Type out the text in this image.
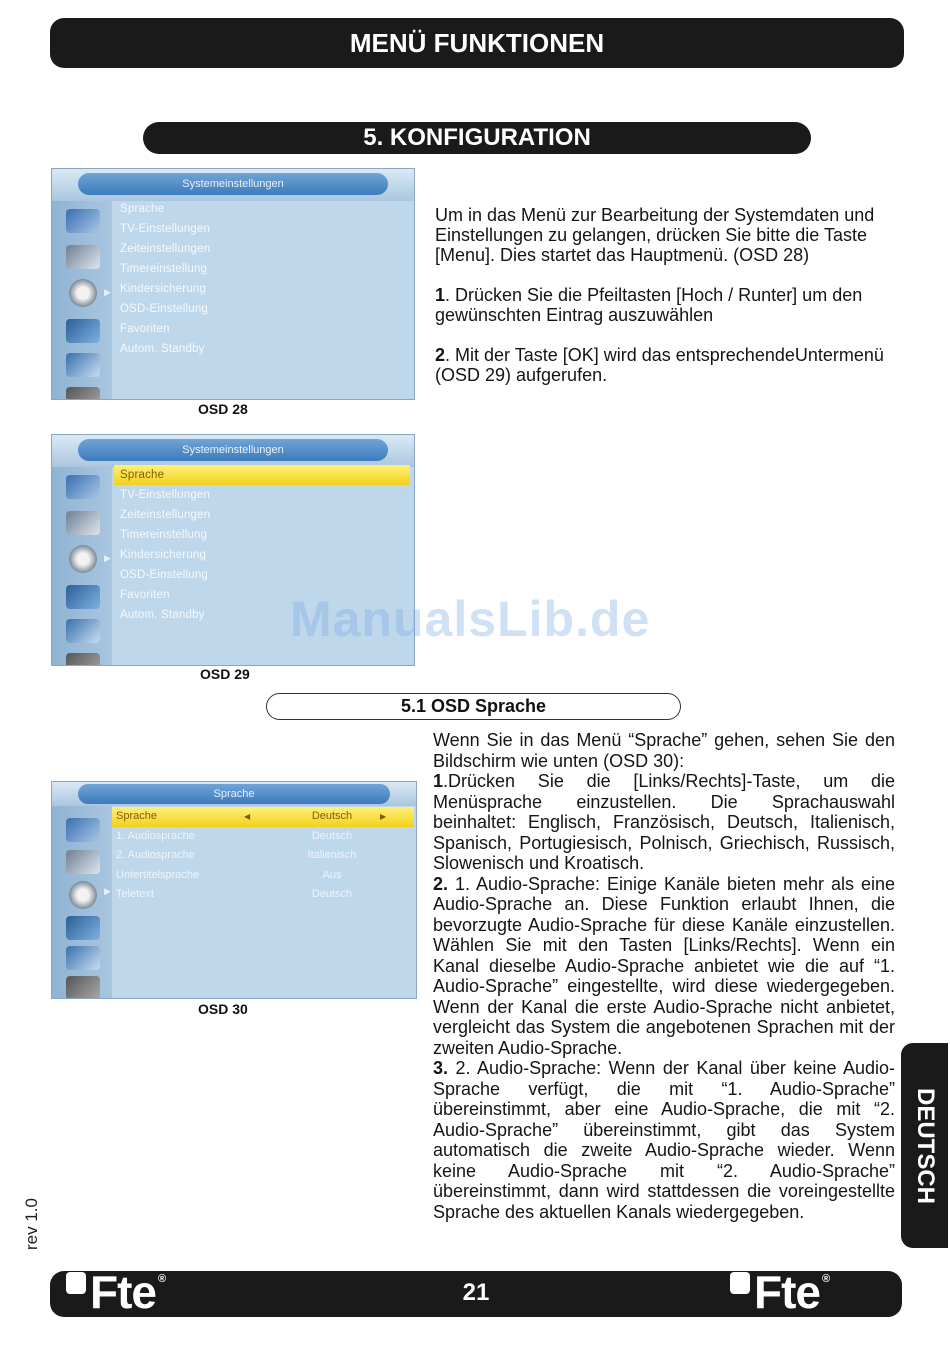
MENÜ FUNKTIONEN
5. KONFIGURATION
Systemeinstellungen
▶
Sprache
TV-Einstellungen
Zeiteinstellungen
Timereinstellung
Kindersicherung
OSD-Einstellung
Favoriten
Autom. Standby
OSD 28
Systemeinstellungen
▶
Sprache
TV-Einstellungen
Zeiteinstellungen
Timereinstellung
Kindersicherung
OSD-Einstellung
Favoriten
Autom. Standby
OSD 29

Um in das Menü zur Bearbeitung der Systemdaten und Einstellungen zu gelangen, drücken Sie bitte die Taste [Menu]. Dies startet das Hauptmenü. (OSD 28)

1. Drücken Sie die Pfeiltasten [Hoch / Runter] um den gewünschten Eintrag auszuwählen

2. Mit der Taste [OK] wird das entsprechendeUntermenü (OSD 29) aufgerufen.

ManualsLib.de
5.1 OSD Sprache
Sprache
▶
Sprache	◀	Deutsch	▶
1. Audiosprache	Deutsch
2. Audiosprache	Italienisch
Untertitelsprache	Aus
Teletext	Deutsch
OSD 30
Wenn Sie in das Menü “Sprache” gehen, sehen Sie den Bildschirm wie unten (OSD 30):
1.Drücken Sie die [Links/Rechts]-Taste, um die Menüsprache einzustellen. Die Sprachauswahl beinhaltet: Englisch, Französisch, Deutsch, Italienisch, Spanisch, Portugiesisch, Polnisch, Griechisch, Russisch, Slowenisch und Kroatisch.
2. 1. Audio-Sprache: Einige Kanäle bieten mehr als eine Audio-Sprache an. Diese Funktion erlaubt Ihnen, die bevorzugte Audio-Sprache für diese Kanäle einzustellen. Wählen Sie mit den Tasten [Links/Rechts]. Wenn ein Kanal dieselbe Audio-Sprache anbietet wie die auf “1. Audio-Sprache” eingestellte, wird diese wiedergegeben. Wenn der Kanal die erste Audio-Sprache nicht anbietet, vergleicht das System die angebotenen Sprachen mit der zweiten Audio-Sprache.
3. 2. Audio-Sprache: Wenn der Kanal über keine Audio-Sprache verfügt, die mit “1. Audio-Sprache” übereinstimmt, aber eine Audio-Sprache, die mit “2. Audio-Sprache” übereinstimmt, gibt das System automatisch die zweite Audio-Sprache wieder. Wenn keine Audio-Sprache mit “2. Audio-Sprache” übereinstimmt, dann wird stattdessen die voreingestellte Sprache des aktuellen Kanals wiedergegeben.
rev 1.0
DEUTSCH
Fte ®	21	Fte ®
